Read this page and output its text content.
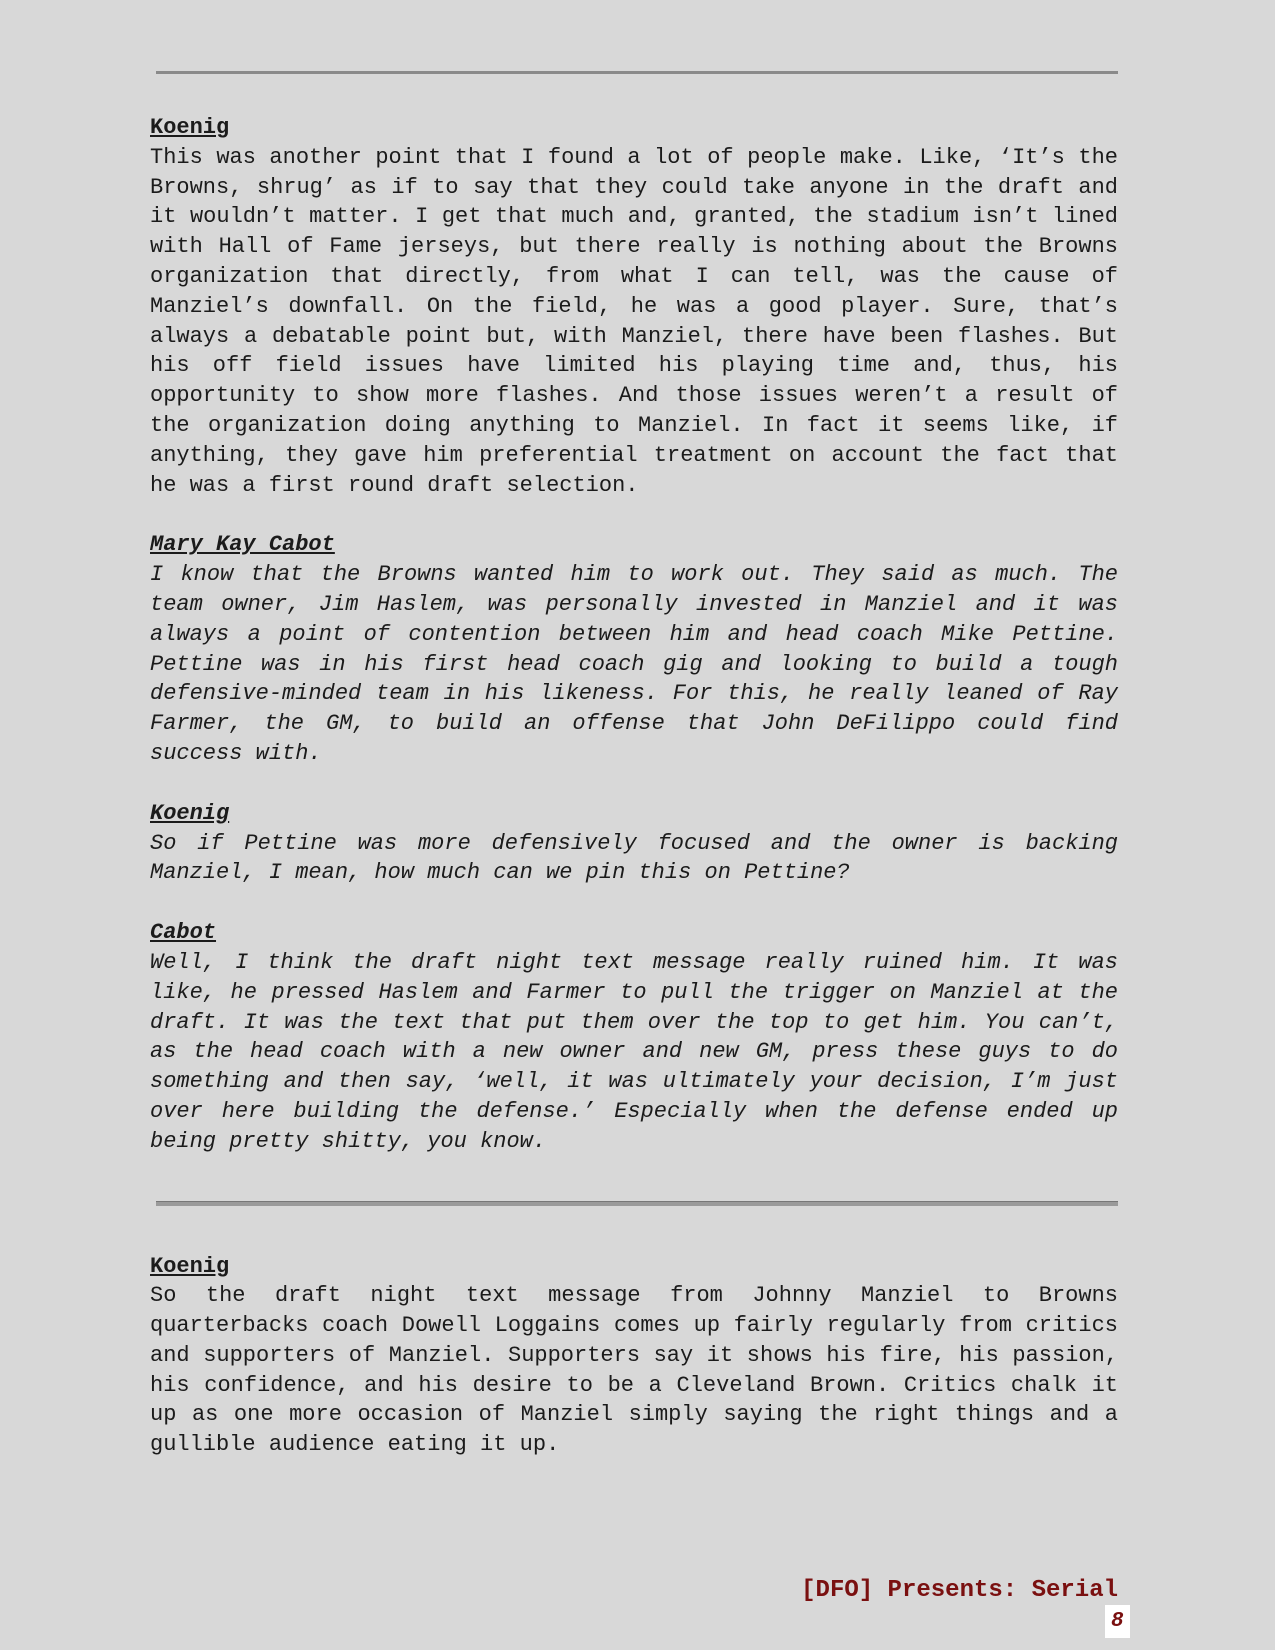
Koenig

This was another point that I found a lot of people make. Like, ‘It’s the Browns, shrug’ as if to say that they could take anyone in the draft and it wouldn’t matter. I get that much and, granted, the stadium isn’t lined with Hall of Fame jerseys, but there really is nothing about the Browns organization that directly, from what I can tell, was the cause of Manziel’s downfall. On the field, he was a good player. Sure, that’s always a debatable point but, with Manziel, there have been flashes. But his off field issues have limited his playing time and, thus, his opportunity to show more flashes. And those issues weren’t a result of the organization doing anything to Manziel. In fact it seems like, if anything, they gave him preferential treatment on account the fact that he was a first round draft selection.

Mary Kay Cabot

I know that the Browns wanted him to work out. They said as much. The team owner, Jim Haslem, was personally invested in Manziel and it was always a point of contention between him and head coach Mike Pettine. Pettine was in his first head coach gig and looking to build a tough defensive-minded team in his likeness. For this, he really leaned of Ray Farmer, the GM, to build an offense that John DeFilippo could find success with.

Koenig

So if Pettine was more defensively focused and the owner is backing Manziel, I mean, how much can we pin this on Pettine?

Cabot

Well, I think the draft night text message really ruined him. It was like, he pressed Haslem and Farmer to pull the trigger on Manziel at the draft. It was the text that put them over the top to get him. You can’t, as the head coach with a new owner and new GM, press these guys to do something and then say, ‘well, it was ultimately your decision, I’m just over here building the defense.’ Especially when the defense ended up being pretty shitty, you know.

Koenig

So the draft night text message from Johnny Manziel to Browns quarterbacks coach Dowell Loggains comes up fairly regularly from critics and supporters of Manziel. Supporters say it shows his fire, his passion, his confidence, and his desire to be a Cleveland Brown. Critics chalk it up as one more occasion of Manziel simply saying the right things and a gullible audience eating it up.

[DFO] Presents: Serial
8
